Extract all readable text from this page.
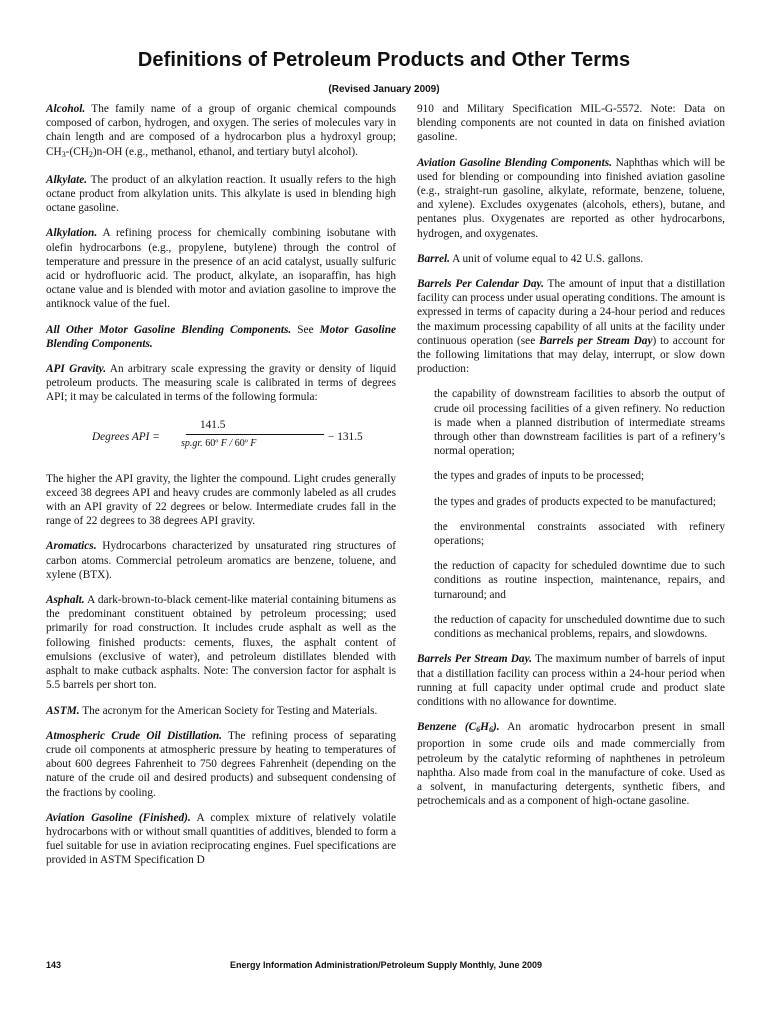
Definitions of Petroleum Products and Other Terms
(Revised January 2009)
Alcohol. The family name of a group of organic chemical compounds composed of carbon, hydrogen, and oxygen. The series of molecules vary in chain length and are composed of a hydrocarbon plus a hydroxyl group; $CH_3-(CH_2)n-OH$ (e.g., methanol, ethanol, and tertiary butyl alcohol).
Alkylate. The product of an alkylation reaction. It usually refers to the high octane product from alkylation units. This alkylate is used in blending high octane gasoline.
Alkylation. A refining process for chemically combining isobutane with olefin hydrocarbons (e.g., propylene, butylene) through the control of temperature and pressure in the presence of an acid catalyst, usually sulfuric acid or hydrofluoric acid. The product, alkylate, an isoparaffin, has high octane value and is blended with motor and aviation gasoline to improve the antiknock value of the fuel.
All Other Motor Gasoline Blending Components. See Motor Gasoline Blending Components.
API Gravity. An arbitrary scale expressing the gravity or density of liquid petroleum products. The measuring scale is calibrated in terms of degrees API; it may be calculated in terms of the following formula:
Degrees API =
141.5
sp.gr. 60º F / 60º F
− 131.5
The higher the API gravity, the lighter the compound. Light crudes generally exceed 38 degrees API and heavy crudes are commonly labeled as all crudes with an API gravity of 22 degrees or below. Intermediate crudes fall in the range of 22 degrees to 38 degrees API gravity.
Aromatics. Hydrocarbons characterized by unsaturated ring structures of carbon atoms. Commercial petroleum aromatics are benzene, toluene, and xylene (BTX).
Asphalt. A dark-brown-to-black cement-like material containing bitumens as the predominant constituent obtained by petroleum processing; used primarily for road construction. It includes crude asphalt as well as the following finished products: cements, fluxes, the asphalt content of emulsions (exclusive of water), and petroleum distillates blended with asphalt to make cutback asphalts. Note: The conversion factor for asphalt is 5.5 barrels per short ton.
ASTM. The acronym for the American Society for Testing and Materials.
Atmospheric Crude Oil Distillation. The refining process of separating crude oil components at atmospheric pressure by heating to temperatures of about 600 degrees Fahrenheit to 750 degrees Fahrenheit (depending on the nature of the crude oil and desired products) and subsequent condensing of the fractions by cooling.
Aviation Gasoline (Finished). A complex mixture of relatively volatile hydrocarbons with or without small quantities of additives, blended to form a fuel suitable for use in aviation reciprocating engines. Fuel specifications are provided in ASTM Specification D
910 and Military Specification MIL-G-5572. Note: Data on blending components are not counted in data on finished aviation gasoline.
Aviation Gasoline Blending Components. Naphthas which will be used for blending or compounding into finished aviation gasoline (e.g., straight-run gasoline, alkylate, reformate, benzene, toluene, and xylene). Excludes oxygenates (alcohols, ethers), butane, and pentanes plus. Oxygenates are reported as other hydrocarbons, hydrogen, and oxygenates.
Barrel. A unit of volume equal to 42 U.S. gallons.
Barrels Per Calendar Day. The amount of input that a distillation facility can process under usual operating conditions. The amount is expressed in terms of capacity during a 24-hour period and reduces the maximum processing capability of all units at the facility under continuous operation (see Barrels per Stream Day) to account for the following limitations that may delay, interrupt, or slow down production:
the capability of downstream facilities to absorb the output of crude oil processing facilities of a given refinery. No reduction is made when a planned distribution of intermediate streams through other than downstream facilities is part of a refinery’s normal operation;
the types and grades of inputs to be processed;
the types and grades of products expected to be manufactured;
the environmental constraints associated with refinery operations;
the reduction of capacity for scheduled downtime due to such conditions as routine inspection, maintenance, repairs, and turnaround; and
the reduction of capacity for unscheduled downtime due to such conditions as mechanical problems, repairs, and slowdowns.
Barrels Per Stream Day. The maximum number of barrels of input that a distillation facility can process within a 24-hour period when running at full capacity under optimal crude and product slate conditions with no allowance for downtime.
Benzene $(C_6H_6)$. An aromatic hydrocarbon present in small proportion in some crude oils and made commercially from petroleum by the catalytic reforming of naphthenes in petroleum naphtha. Also made from coal in the manufacture of coke. Used as a solvent, in manufacturing detergents, synthetic fibers, and petrochemicals and as a component of high-octane gasoline.
143	Energy Information Administration/Petroleum Supply Monthly, June 2009
